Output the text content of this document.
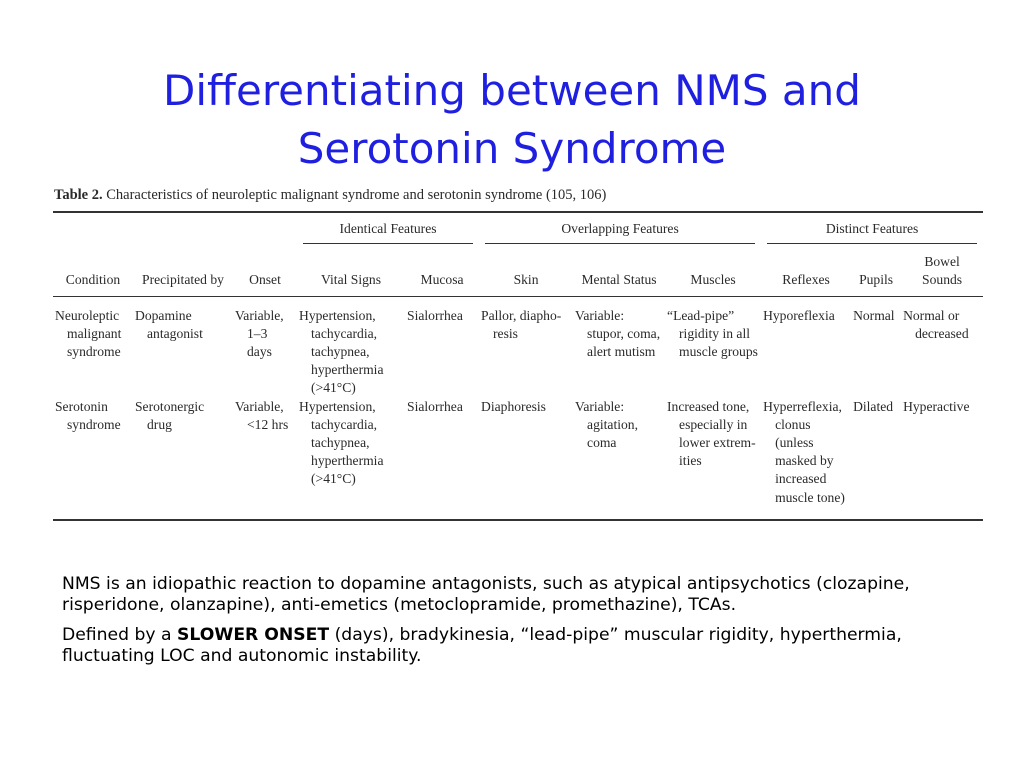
Differentiating between NMS and Serotonin Syndrome
Table 2. Characteristics of neuroleptic malignant syndrome and serotonin syndrome (105, 106)

			Identical Features		Overlapping Features			Distinct Features		

Condition	Precipitated by	Onset	Vital Signs	Mucosa	Skin	Mental Status	Muscles	Reflexes	Pupils	Bowel Sounds
Neuroleptic malignant syndrome	Dopamine antagonist	Variable, 1–3 days	Hypertension, tachycardia, tachypnea, hyperthermia (>41°C)	Sialorrhea	Pallor, diapho-resis	Variable: stupor, coma, alert mutism	“Lead-pipe” rigidity in all muscle groups	Hyporeflexia	Normal	Normal or decreased
Serotonin syndrome	Serotonergic drug	Variable, <12 hrs	Hypertension, tachycardia, tachypnea, hyperthermia (>41°C)	Sialorrhea	Diaphoresis	Variable: agitation, coma	Increased tone, especially in lower extrem-ities	Hyperreflexia, clonus (unless masked by increased muscle tone)	Dilated	Hyperactive

NMS is an idiopathic reaction to dopamine antagonists, such as atypical antipsychotics (clozapine, risperidone, olanzapine), anti-emetics (metoclopramide, promethazine), TCAs.

Defined by a SLOWER ONSET (days), bradykinesia, “lead-pipe” muscular rigidity, hyperthermia, fluctuating LOC and autonomic instability.
